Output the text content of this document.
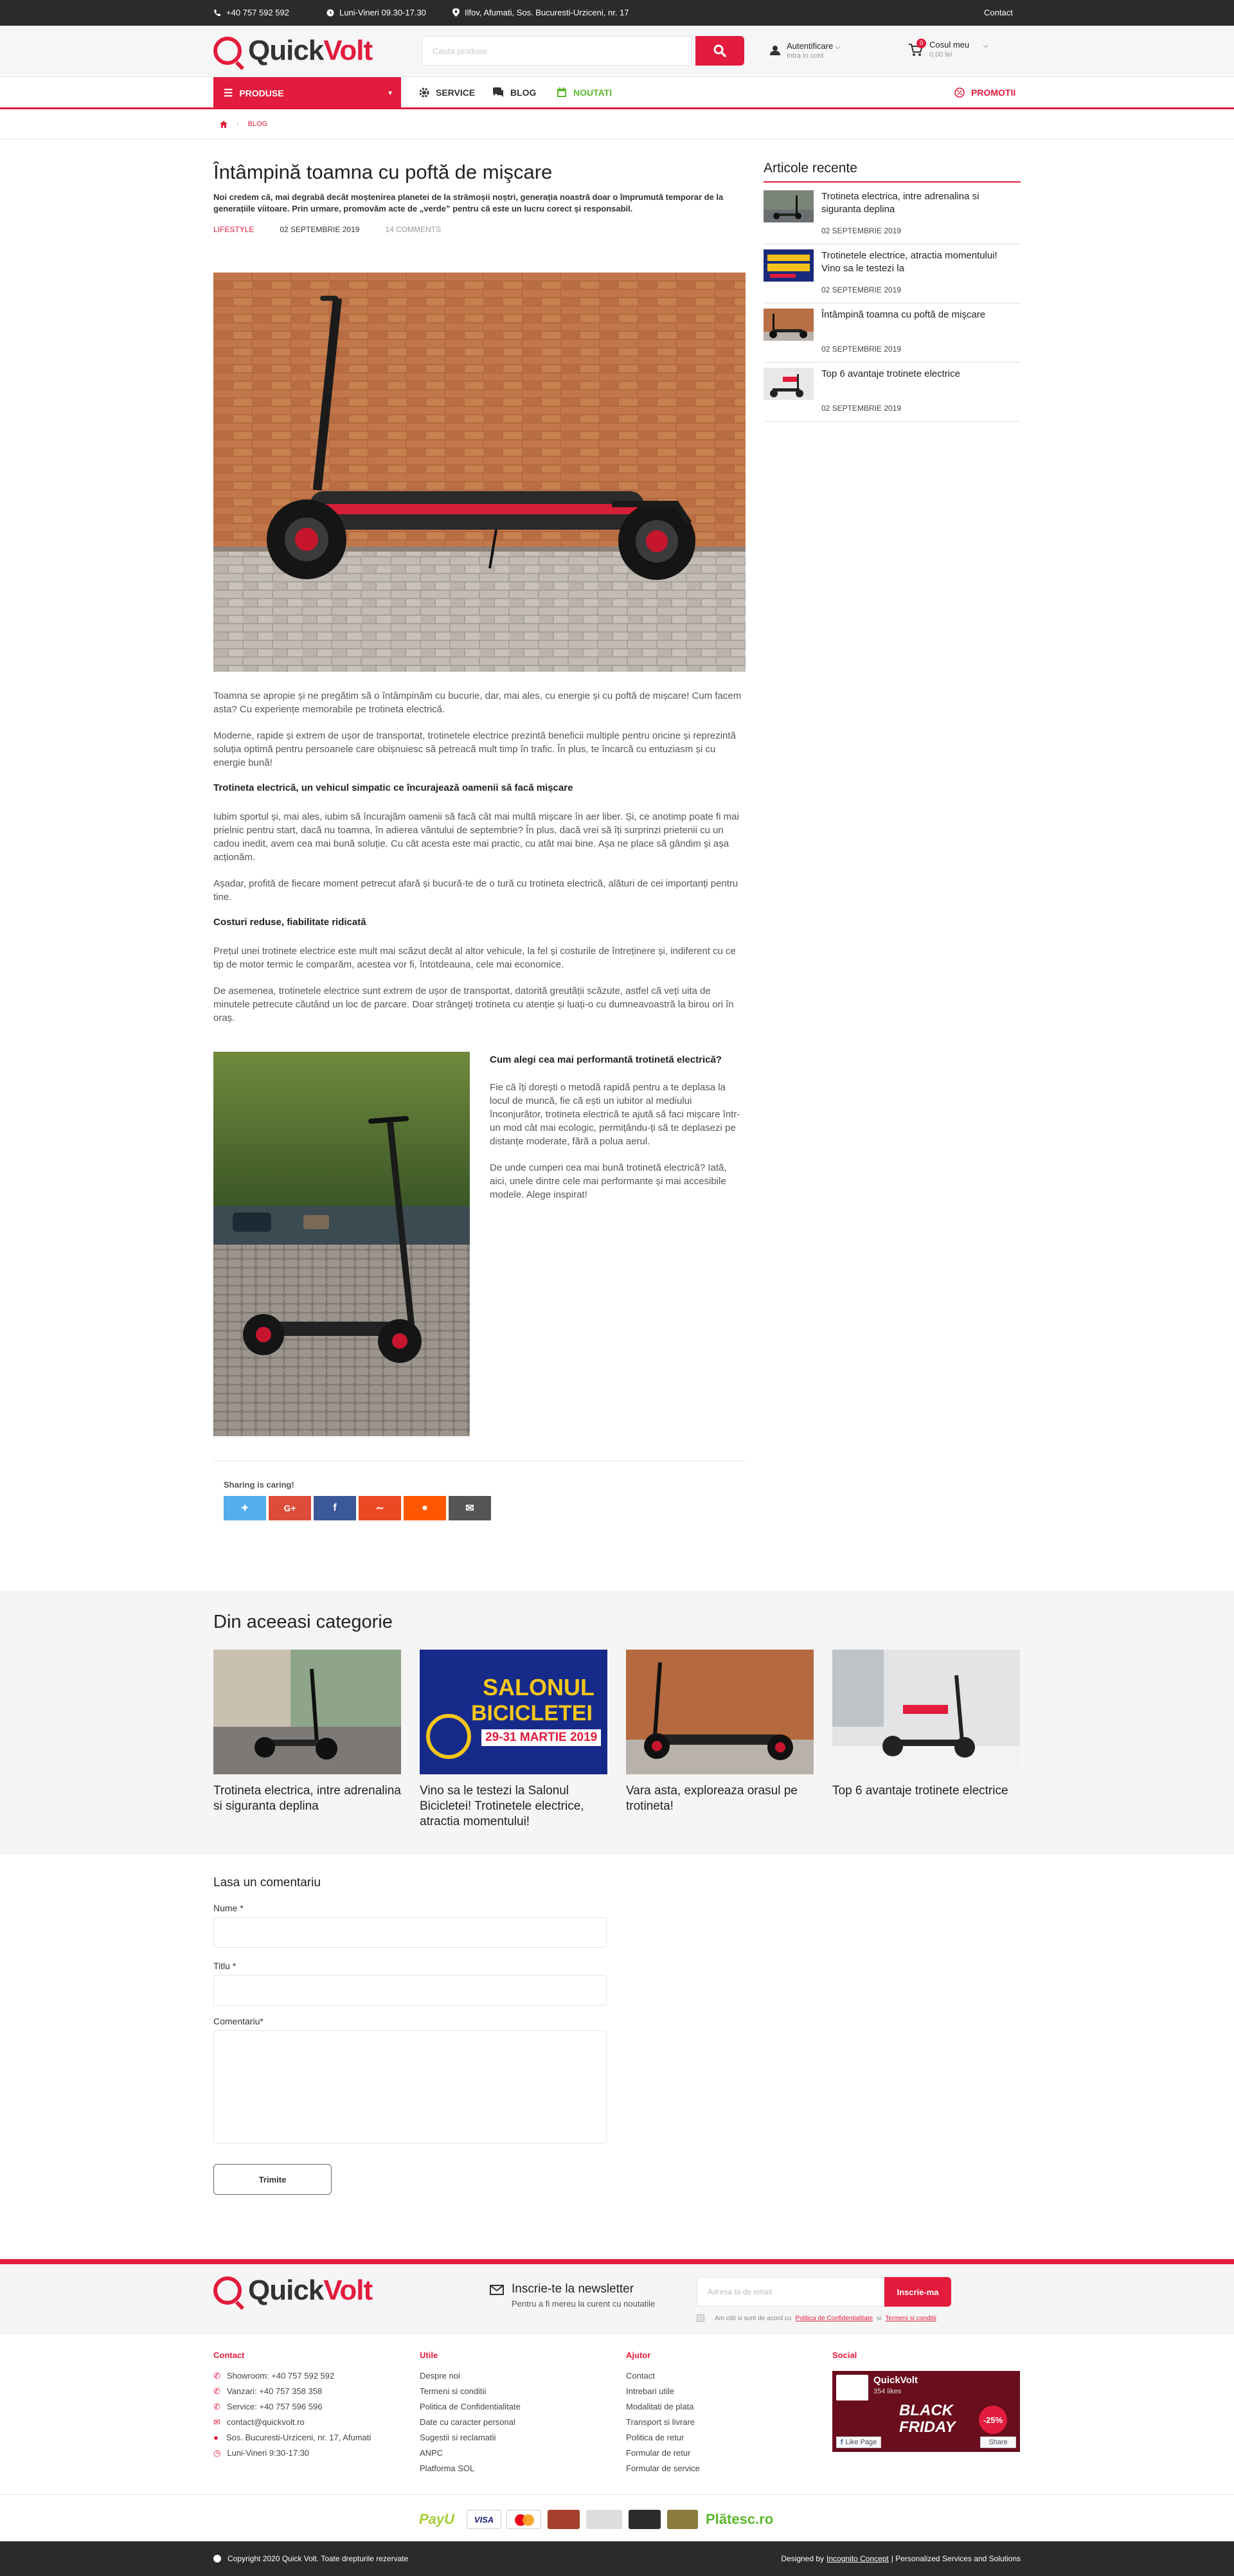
+40 757 592 592	Luni-Vineri 09.30-17.30	Ilfov, Afumati, Sos. Bucuresti-Urziceni, nr. 17	Contact
Quick Volt	Cauta produse	Autentificare ⌵
Intra in cont
0 Cosul meu ⌵
0,00 lei
☰ PRODUSE	▼	SERVICE	BLOG	NOUTATI	PROMOTII
› BLOG
Întâmpină toamna cu poftă de mişcare

Noi credem că, mai degrabă decât moștenirea planetei de la strămoșii noștri, generația noastră doar o împrumută temporar de la generațiile viitoare. Prin urmare, promovăm acte de „verde” pentru că este un lucru corect și responsabil.

LIFESTYLE	02 SEPTEMBRIE 2019	14 COMMENTS

Toamna se apropie și ne pregătim să o întâmpinăm cu bucurie, dar, mai ales, cu energie și cu poftă de mișcare! Cum facem asta? Cu experiențe memorabile pe trotineta electrică.

Moderne, rapide și extrem de ușor de transportat, trotinetele electrice prezintă beneficii multiple pentru oricine și reprezintă soluția optimă pentru persoanele care obișnuiesc să petreacă mult timp în trafic. În plus, te încarcă cu entuziasm și cu energie bună!

Trotineta electrică, un vehicul simpatic ce încurajează oamenii să facă mișcare

Iubim sportul și, mai ales, iubim să încurajăm oamenii să facă cât mai multă mișcare în aer liber. Și, ce anotimp poate fi mai prielnic pentru start, dacă nu toamna, în adierea vântului de septembrie? În plus, dacă vrei să îți surprinzi prietenii cu un cadou inedit, avem cea mai bună soluție. Cu cât acesta este mai practic, cu atât mai bine. Așa ne place să gândim și așa acționăm.

Așadar, profită de fiecare moment petrecut afară și bucură-te de o tură cu trotineta electrică, alături de cei importanți pentru tine.

Costuri reduse, fiabilitate ridicată

Prețul unei trotinete electrice este mult mai scăzut decât al altor vehicule, la fel și costurile de întreținere și, indiferent cu ce tip de motor termic le comparăm, acestea vor fi, întotdeauna, cele mai economice.

De asemenea, trotinetele electrice sunt extrem de ușor de transportat, datorită greutății scăzute, astfel că veți uita de minutele petrecute căutând un loc de parcare. Doar strângeți trotineta cu atenție și luați-o cu dumneavoastră la birou ori în oraș.

Cum alegi cea mai performantă trotinetă electrică?

Fie că îți dorești o metodă rapidă pentru a te deplasa la locul de muncă, fie că ești un iubitor al mediului înconjurător, trotineta electrică te ajută să faci mișcare într-un mod cât mai ecologic, permițându-ți să te deplasezi pe distanțe moderate, fără a polua aerul.

De unde cumperi cea mai bună trotinetă electrică? Iată, aici, unele dintre cele mai performante și mai accesibile modele. Alege inspirat!

Sharing is caring!
✦	G+	f	∼	●	✉
Articole recente
Trotineta electrica, intre adrenalina si siguranta deplina
02 SEPTEMBRIE 2019
Trotinetele electrice, atractia momentului! Vino sa le testezi la
02 SEPTEMBRIE 2019
Întâmpină toamna cu poftă de mişcare
02 SEPTEMBRIE 2019
Top 6 avantaje trotinete electrice
02 SEPTEMBRIE 2019
Din aceeasi categorie
Trotineta electrica, intre adrenalina si siguranta deplina
SALONUL
BICICLETEI
29-31 MARTIE 2019
Vino sa le testezi la Salonul Bicicletei! Trotinetele electrice, atractia momentului!
Vara asta, exploreaza orasul pe trotineta!
Top 6 avantaje trotinete electrice
Lasa un comentariu
Nume *
Titlu *
Comentariu*
Trimite
Quick Volt	Inscrie-te la newsletter
Pentru a fi mereu la curent cu noutatile
Adresa ta de email	Inscrie-ma
Am citit si sunt de acord cu Politica de Confidentialitate si Termeni si conditii
Contact
✆ Showroom: +40 757 592 592
✆ Vanzari: +40 757 358 358
✆ Service: +40 757 596 596
✉ contact@quickvolt.ro
● Sos. Bucuresti-Urziceni, nr. 17, Afumati
◷ Luni-Vineri 9:30-17:30
Utile
Despre noi
Termeni si conditii
Politica de Confidentialitate
Date cu caracter personal
Sugestii si reclamatii
ANPC
Platforma SOL
Ajutor
Contact
Intrebari utile
Modalitati de plata
Transport si livrare
Politica de retur
Formular de retur
Formular de service
Social
QuickVolt
354 likes
BLACK
FRIDAY	-25%
f Like Page	Share
PayU	VISA	Plătesc.ro
Copyright 2020 Quick Volt. Toate drepturile rezervate	Designed by Incognito Concept | Personalized Services and Solutions
